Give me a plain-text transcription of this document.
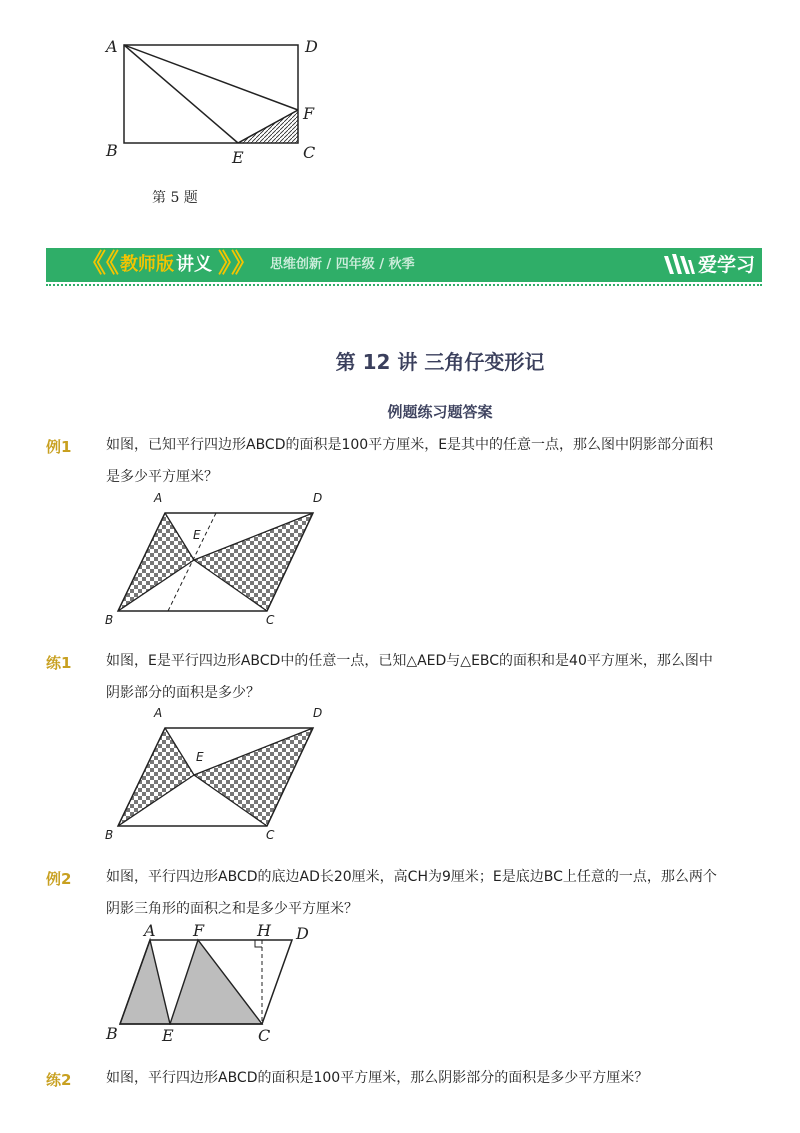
A
B	C
D
E
F
第 5 题
《《 教师版 讲义 》》 思维创新 / 四年级 / 秋季	爱学习
第 12 讲 三角仔变形记
例题练习题答案
例1 如图，已知平行四边形ABCD的面积是100平方厘米，E是其中的任意一点，那么图中阴影部分面积是多少平方厘米？
A	D
E
B	C
练1 如图，E是平行四边形ABCD中的任意一点，已知△AED与△EBC的面积和是40平方厘米，那么图中阴影部分的面积是多少？
A	D
E
B	C
例2 如图，平行四边形ABCD的底边AD长20厘米，高CH为9厘米；E是底边BC上任意的一点，那么两个阴影三角形的面积之和是多少平方厘米？
A F	H D
B	E	C
练2 如图，平行四边形ABCD的面积是100平方厘米，那么阴影部分的面积是多少平方厘米？
